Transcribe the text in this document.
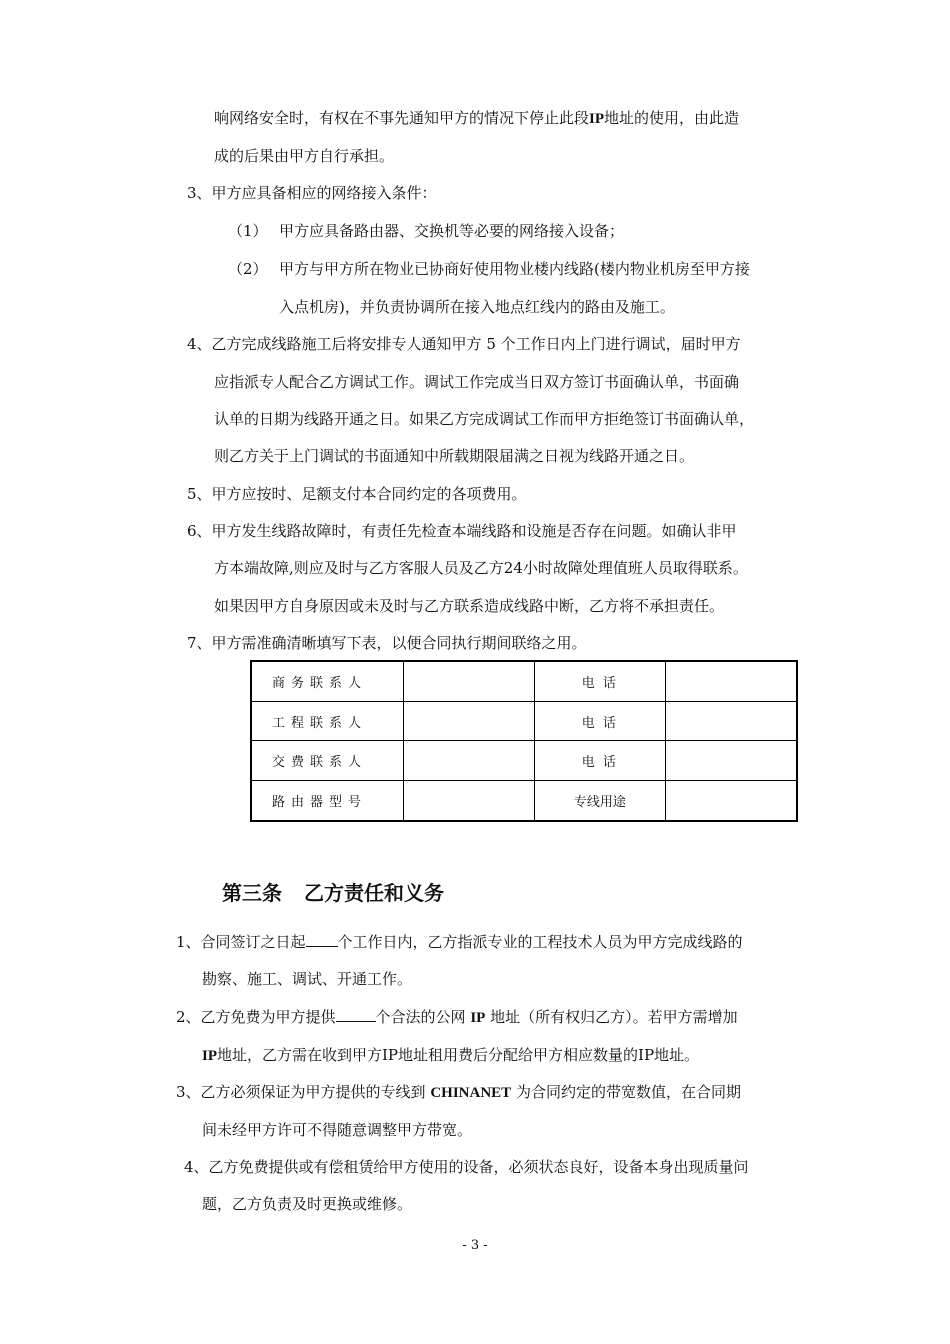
响网络安全时，有权在不事先通知甲方的情况下停止此段IP地址的使用，由此造
成的后果由甲方自行承担。
3、甲方应具备相应的网络接入条件：
（1） 甲方应具备路由器、交换机等必要的网络接入设备；
（2） 甲方与甲方所在物业已协商好使用物业楼内线路(楼内物业机房至甲方接
入点机房)，并负责协调所在接入地点红线内的路由及施工。
4、乙方完成线路施工后将安排专人通知甲方 5 个工作日内上门进行调试，届时甲方
应指派专人配合乙方调试工作。调试工作完成当日双方签订书面确认单，书面确
认单的日期为线路开通之日。如果乙方完成调试工作而甲方拒绝签订书面确认单，
则乙方关于上门调试的书面通知中所载期限届满之日视为线路开通之日。
5、甲方应按时、足额支付本合同约定的各项费用。
6、甲方发生线路故障时，有责任先检查本端线路和设施是否存在问题。如确认非甲
方本端故障,则应及时与乙方客服人员及乙方24小时故障处理值班人员取得联系。
如果因甲方自身原因或未及时与乙方联系造成线路中断，乙方将不承担责任。
7、甲方需准确清晰填写下表，以便合同执行期间联络之用。
商务联系人		电 话	
工程联系人		电 话	
交费联系人		电 话	
路由器型号		专线用途	
第三条 乙方责任和义务
1、合同签订之日起 个工作日内，乙方指派专业的工程技术人员为甲方完成线路的
勘察、施工、调试、开通工作。
2、乙方免费为甲方提供	个合法的公网 IP 地址（所有权归乙方）。若甲方需增加
IP地址，乙方需在收到甲方IP地址租用费后分配给甲方相应数量的IP地址。
3、乙方必须保证为甲方提供的专线到 CHINANET 为合同约定的带宽数值，在合同期
间未经甲方许可不得随意调整甲方带宽。
4、乙方免费提供或有偿租赁给甲方使用的设备，必须状态良好，设备本身出现质量问
题，乙方负责及时更换或维修。
- 3 -
